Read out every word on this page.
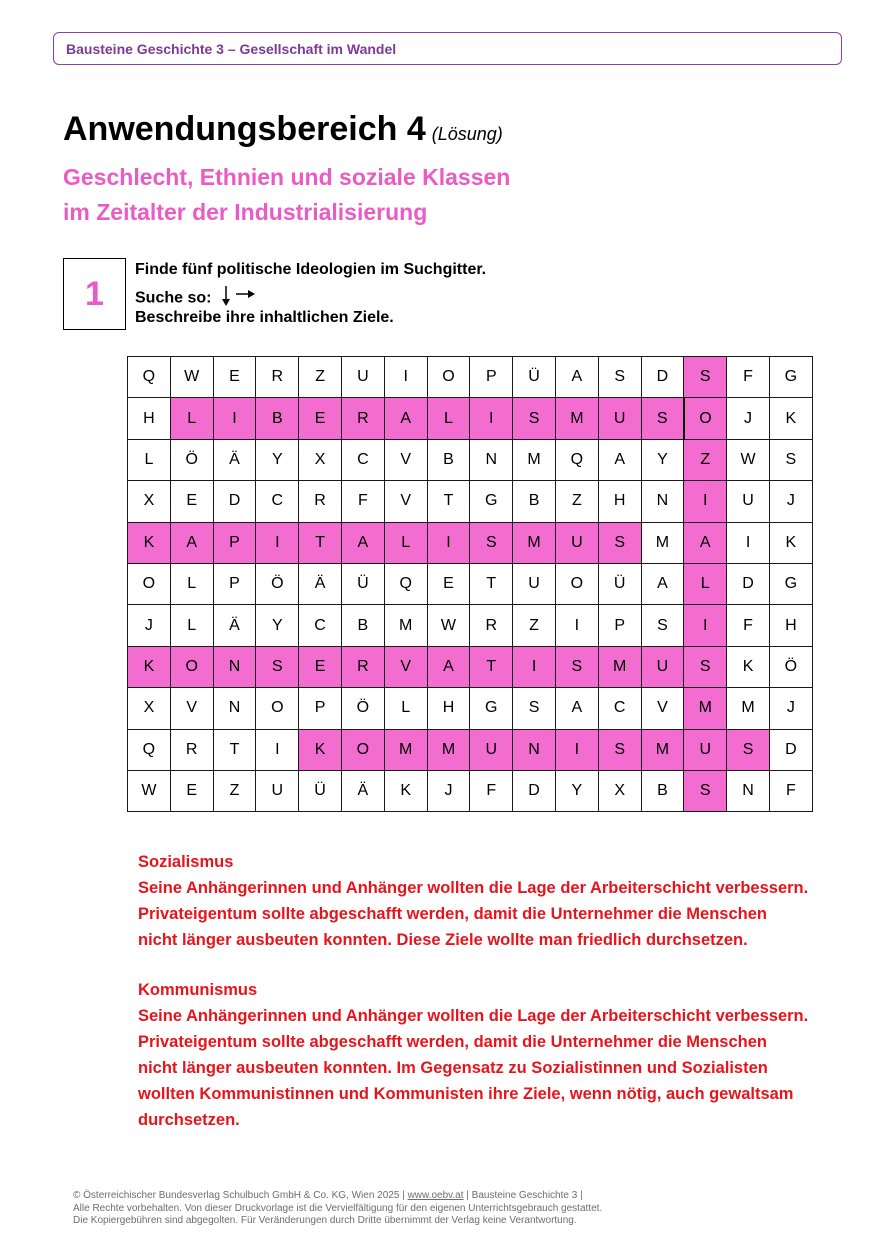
Bausteine Geschichte 3 – Gesellschaft im Wandel
Anwendungsbereich 4 (Lösung)
Geschlecht, Ethnien und soziale Klassen
im Zeitalter der Industrialisierung
1
Finde fünf politische Ideologien im Suchgitter.
Suche so:
Beschreibe ihre inhaltlichen Ziele.
Q	W	E	R	Z	U	I	O	P	Ü	A	S	D	S	F	G
H	L	I	B	E	R	A	L	I	S	M	U	S	O	J	K
L	Ö	Ä	Y	X	C	V	B	N	M	Q	A	Y	Z	W	S
X	E	D	C	R	F	V	T	G	B	Z	H	N	I	U	J
K	A	P	I	T	A	L	I	S	M	U	S	M	A	I	K
O	L	P	Ö	Ä	Ü	Q	E	T	U	O	Ü	A	L	D	G
J	L	Ä	Y	C	B	M	W	R	Z	I	P	S	I	F	H
K	O	N	S	E	R	V	A	T	I	S	M	U	S	K	Ö
X	V	N	O	P	Ö	L	H	G	S	A	C	V	M	M	J
Q	R	T	I	K	O	M	M	U	N	I	S	M	U	S	D
W	E	Z	U	Ü	Ä	K	J	F	D	Y	X	B	S	N	F
Sozialismus
Seine Anhängerinnen und Anhänger wollten die Lage der Arbeiterschicht verbessern.
Privateigentum sollte abgeschafft werden, damit die Unternehmer die Menschen
nicht länger ausbeuten konnten. Diese Ziele wollte man friedlich durchsetzen.
Kommunismus
Seine Anhängerinnen und Anhänger wollten die Lage der Arbeiterschicht verbessern.
Privateigentum sollte abgeschafft werden, damit die Unternehmer die Menschen
nicht länger ausbeuten konnten. Im Gegensatz zu Sozialistinnen und Sozialisten
wollten Kommunistinnen und Kommunisten ihre Ziele, wenn nötig, auch gewaltsam
durchsetzen.
© Österreichischer Bundesverlag Schulbuch GmbH & Co. KG, Wien 2025 | www.oebv.at | Bausteine Geschichte 3 |
Alle Rechte vorbehalten. Von dieser Druckvorlage ist die Vervielfältigung für den eigenen Unterrichtsgebrauch gestattet.
Die Kopiergebühren sind abgegolten. Für Veränderungen durch Dritte übernimmt der Verlag keine Verantwortung.
